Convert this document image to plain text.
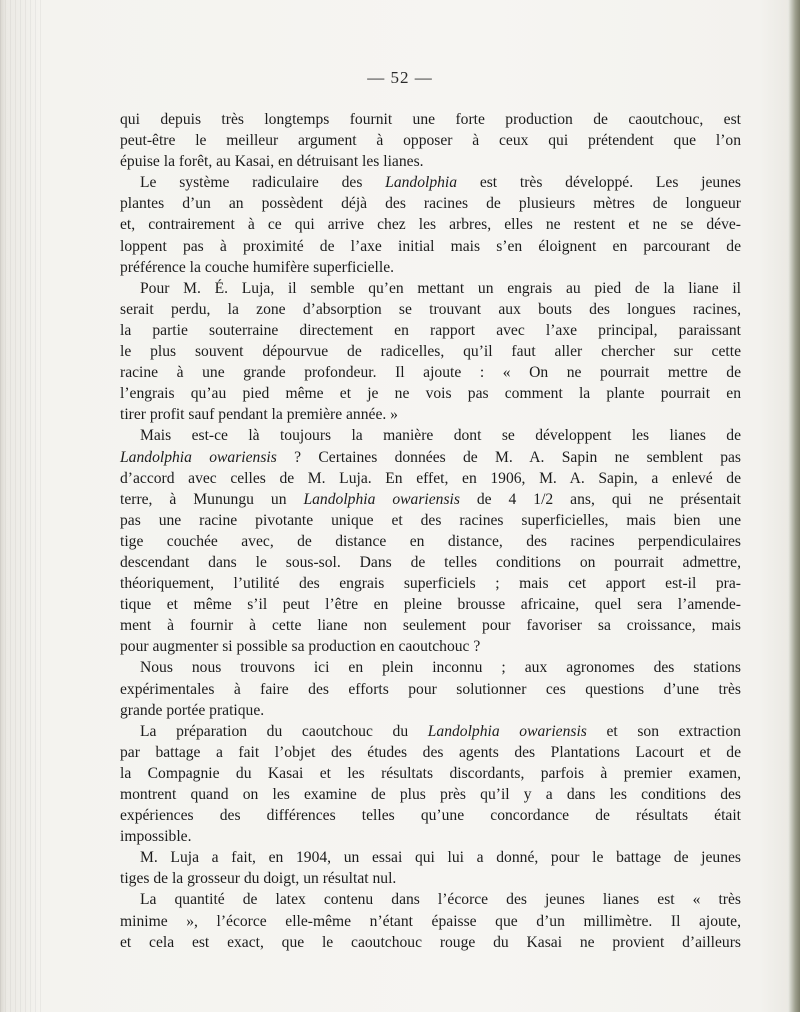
— 52 —
qui depuis très longtemps fournit une forte production de caoutchouc, est
peut-être le meilleur argument à opposer à ceux qui prétendent que l’on
épuise la forêt, au Kasai, en détruisant les lianes.
Le système radiculaire des Landolphia est très développé. Les jeunes
plantes d’un an possèdent déjà des racines de plusieurs mètres de longueur
et, contrairement à ce qui arrive chez les arbres, elles ne restent et ne se déve-
loppent pas à proximité de l’axe initial mais s’en éloignent en parcourant de
préférence la couche humifère superficielle.
Pour M. É. Luja, il semble qu’en mettant un engrais au pied de la liane il
serait perdu, la zone d’absorption se trouvant aux bouts des longues racines,
la partie souterraine directement en rapport avec l’axe principal, paraissant
le plus souvent dépourvue de radicelles, qu’il faut aller chercher sur cette
racine à une grande profondeur. Il ajoute : « On ne pourrait mettre de
l’engrais qu’au pied même et je ne vois pas comment la plante pourrait en
tirer profit sauf pendant la première année. »
Mais est-ce là toujours la manière dont se développent les lianes de
Landolphia owariensis ? Certaines données de M. A. Sapin ne semblent pas
d’accord avec celles de M. Luja. En effet, en 1906, M. A. Sapin, a enlevé de
terre, à Munungu un Landolphia owariensis de 4 1/2 ans, qui ne présentait
pas une racine pivotante unique et des racines superficielles, mais bien une
tige couchée avec, de distance en distance, des racines perpendiculaires
descendant dans le sous-sol. Dans de telles conditions on pourrait admettre,
théoriquement, l’utilité des engrais superficiels ; mais cet apport est-il pra-
tique et même s’il peut l’être en pleine brousse africaine, quel sera l’amende-
ment à fournir à cette liane non seulement pour favoriser sa croissance, mais
pour augmenter si possible sa production en caoutchouc ?
Nous nous trouvons ici en plein inconnu ; aux agronomes des stations
expérimentales à faire des efforts pour solutionner ces questions d’une très
grande portée pratique.
La préparation du caoutchouc du Landolphia owariensis et son extraction
par battage a fait l’objet des études des agents des Plantations Lacourt et de
la Compagnie du Kasai et les résultats discordants, parfois à premier examen,
montrent quand on les examine de plus près qu’il y a dans les conditions des
expériences des différences telles qu’une concordance de résultats était
impossible.
M. Luja a fait, en 1904, un essai qui lui a donné, pour le battage de jeunes
tiges de la grosseur du doigt, un résultat nul.
La quantité de latex contenu dans l’écorce des jeunes lianes est « très
minime », l’écorce elle-même n’étant épaisse que d’un millimètre. Il ajoute,
et cela est exact, que le caoutchouc rouge du Kasai ne provient d’ailleurs
